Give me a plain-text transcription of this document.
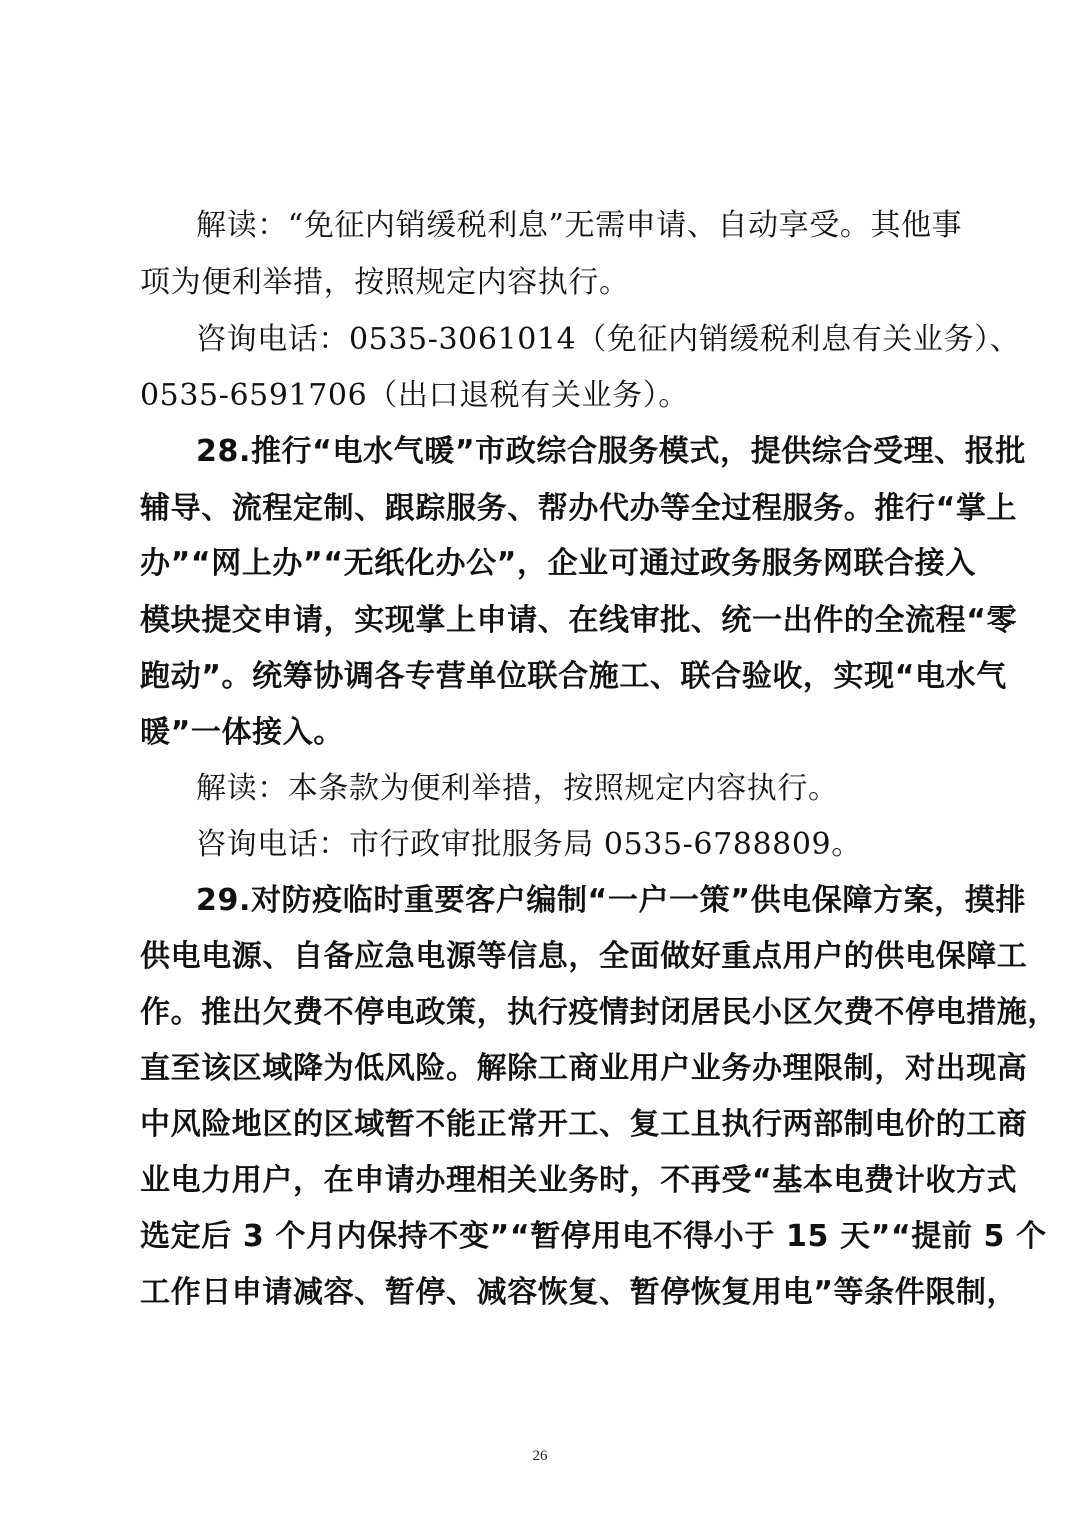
解读：“免征内销缓税利息”无需申请、自动享受。其他事
项为便利举措，按照规定内容执行。
咨询电话：0535-3061014（免征内销缓税利息有关业务）、
0535-6591706（出口退税有关业务）。
28.推行“电水气暖”市政综合服务模式，提供综合受理、报批
辅导、流程定制、跟踪服务、帮办代办等全过程服务。推行“掌上
办”“网上办”“无纸化办公”，企业可通过政务服务网联合接入
模块提交申请，实现掌上申请、在线审批、统一出件的全流程“零
跑动”。统筹协调各专营单位联合施工、联合验收，实现“电水气
暖”一体接入。
解读：本条款为便利举措，按照规定内容执行。
咨询电话：市行政审批服务局 0535-6788809。
29.对防疫临时重要客户编制“一户一策”供电保障方案，摸排
供电电源、自备应急电源等信息，全面做好重点用户的供电保障工
作。推出欠费不停电政策，执行疫情封闭居民小区欠费不停电措施，
直至该区域降为低风险。解除工商业用户业务办理限制，对出现高
中风险地区的区域暂不能正常开工、复工且执行两部制电价的工商
业电力用户，在申请办理相关业务时，不再受“基本电费计收方式
选定后 3 个月内保持不变”“暂停用电不得小于 15 天”“提前 5 个
工作日申请减容、暂停、减容恢复、暂停恢复用电”等条件限制，
26
